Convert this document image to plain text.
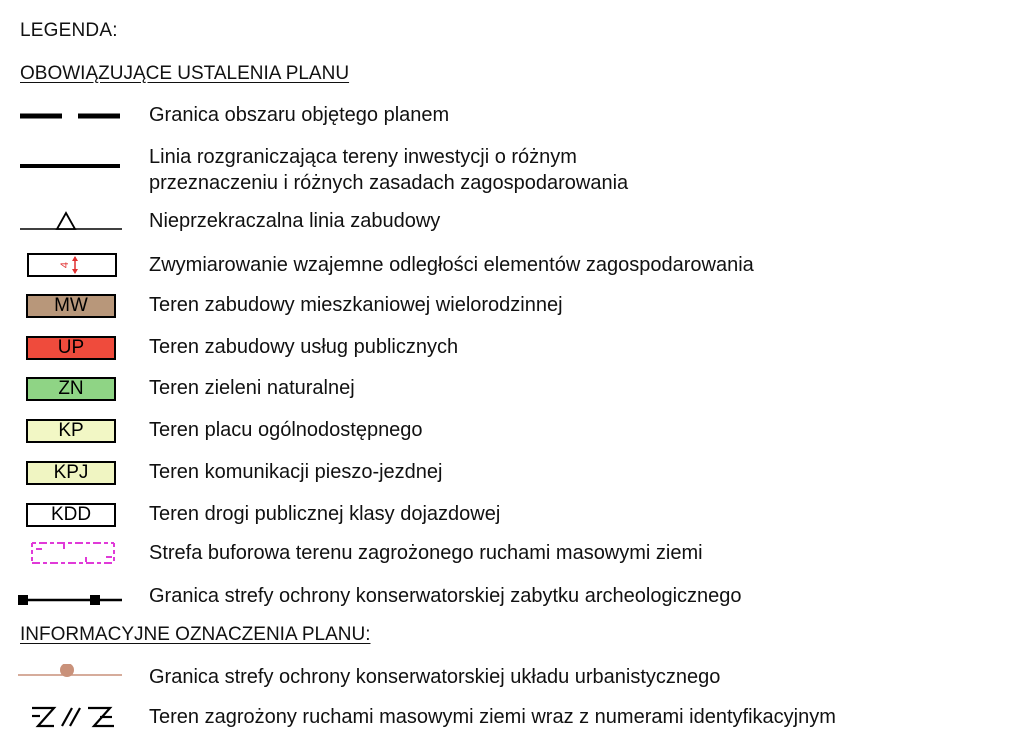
LEGENDA:
OBOWIĄZUJĄCE USTALENIA PLANU
Granica obszaru objętego planem
Linia rozgraniczająca tereny inwestycji o różnym
przeznaczeniu i różnych zasadach zagospodarowania
Nieprzekraczalna linia zabudowy
4	Zwymiarowanie wzajemne odległości elementów zagospodarowania
MW	Teren zabudowy mieszkaniowej wielorodzinnej
UP	Teren zabudowy usług publicznych
ZN	Teren zieleni naturalnej
KP	Teren placu ogólnodostępnego
KPJ	Teren komunikacji pieszo-jezdnej
KDD	Teren drogi publicznej klasy dojazdowej
Strefa buforowa terenu zagrożonego ruchami masowymi ziemi
Granica strefy ochrony konserwatorskiej zabytku archeologicznego
INFORMACYJNE OZNACZENIA PLANU:
Granica strefy ochrony konserwatorskiej układu urbanistycznego
Teren zagrożony ruchami masowymi ziemi wraz z numerami identyfikacyjnym
